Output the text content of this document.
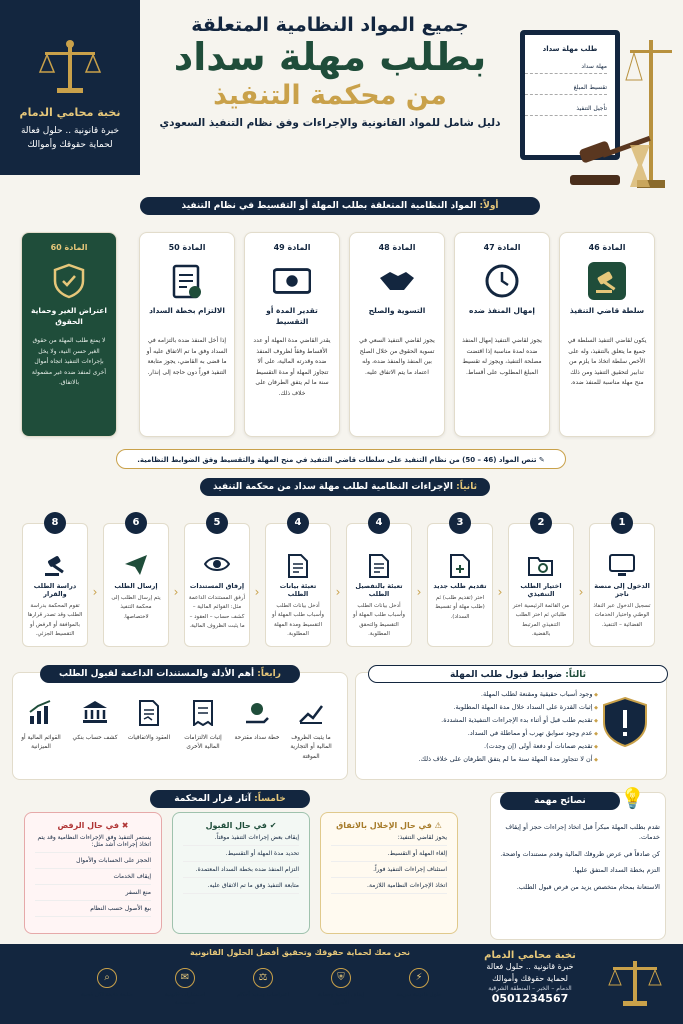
نخبة محامي الدمام
خبرة قانونية .. حلول فعالة
لحماية حقوقك وأموالك
جميع المواد النظامية المتعلقة
بطلب مهلة سداد
من محكمة التنفيذ
دليل شامل للمواد القانونية والإجراءات وفق نظام التنفيذ السعودي
طلب مهلة سداد
مهلة سداد
تقسيط المبلغ
تأجيل التنفيذ
أولاً: المواد النظامية المتعلقة بطلب المهلة أو التقسيط في نظام التنفيذ
المادة 46
سلطة قاضي التنفيذ
يكون لقاضي التنفيذ السلطة في جميع ما يتعلق بالتنفيذ، وله على الأخص سلطة اتخاذ ما يلزم من تدابير لتحقيق التنفيذ ومن ذلك منح مهلة مناسبة للمنفذ ضده.
المادة 47
إمهال المنفذ ضده
يجوز لقاضي التنفيذ إمهال المنفذ ضده لمدة مناسبة إذا اقتضت مصلحة التنفيذ، ويجوز له تقسيط المبلغ المطلوب على أقساط.
المادة 48
التسوية والصلح
يجوز لقاضي التنفيذ السعي في تسوية الحقوق من خلال الصلح بين المنفذ والمنفذ ضده، وله اعتماد ما يتم الاتفاق عليه.
المادة 49
تقدير المدة أو التقسيط
يقدر القاضي مدة المهلة أو عدد الأقساط وفقاً لظروف المنفذ ضده وقدرته المالية، على ألا تتجاوز المهلة أو مدة التقسيط سنة ما لم يتفق الطرفان على خلاف ذلك.
المادة 50
الالتزام بخطة السداد
إذا أخل المنفذ ضده بالتزامه في السداد وفق ما تم الاتفاق عليه أو ما قضى به القاضي، يجوز متابعة التنفيذ فوراً دون حاجة إلى إنذار.
المادة 60
اعتراض الغير وحماية الحقوق
لا يمنع طلب المهلة من حقوق الغير حسن النية، ولا يخل بإجراءات التنفيذ اتجاه أموال أخرى لمنفذ ضده غير مشمولة بالاتفاق.
✎ تنص المواد (46 – 50) من نظام التنفيذ على سلطات قاضي التنفيذ في منح المهلة والتقسيط وفق الضوابط النظامية.
ثانياً: الإجراءات النظامية لطلب مهلة سداد من محكمة التنفيذ
1
الدخول إلى منصة ناجز
تسجيل الدخول عبر النفاذ الوطني واختيار الخدمات القضائية – التنفيذ.
‹
2
اختيار الطلب التنفيذي
من القائمة الرئيسية اختر طلباتي ثم اختر الطلب التنفيذي المرتبط بالقضية.
‹
3
تقديم طلب جديد
اختر (تقديم طلب) ثم (طلب مهلة أو تقسيط السداد).
‹
4
تعبئة بالتفصيل الطلب
أدخل بيانات الطلب وأسباب طلب المهلة أو التقسيط والتحقق المطلوبة.
‹
4
تعبئة بيانات الطلب
أدخل بيانات الطلب وأسباب طلب المهلة أو التقسيط ومدة المهلة المطلوبة.
‹
5
إرفاق المستندات
أرفق المستندات الداعمة مثل: القوائم المالية – كشف حساب – العقود – ما يثبت الظروف المالية.
‹
6
إرسال الطلب
يتم إرسال الطلب إلى محكمة التنفيذ لاختصاصها.
‹
8
دراسة الطلب والقرار
تقوم المحكمة بدراسة الطلب وقد تصدر قرارها بالموافقة أو الرفض أو التقسيط الجزئي.
ثالثاً: ضوابط قبول طلب المهلة
◆ وجود أسباب حقيقية ومقنعة لطلب المهلة.
◆ إثبات القدرة على السداد خلال مدة المهلة المطلوبة.
◆ تقديم طلب قبل أو أثناء بدء الإجراءات التنفيذية المشددة.
◆ عدم وجود سوابق تهرب أو مماطلة في السداد.
◆ تقديم ضمانات أو دفعة أولى (إن وجدت).
◆ أن لا تتجاوز مدة المهلة سنة ما لم يتفق الطرفان على خلاف ذلك.
رابعاً: أهم الأدلة والمستندات الداعمة لقبول الطلب
ما يثبت الظروف المالية أو التجارية الموقتة
خطة سداد مقترحة
إثبات الالتزامات المالية الأخرى
العقود والاتفاقيات
كشف حساب بنكي
القوائم المالية أو الميزانية
خامساً: آثار قرار المحكمة
⚠ في حال الإخلال بالاتفاق
يحوز لقاضي التنفيذ:
إلغاء المهلة أو التقسيط.
استئناف إجراءات التنفيذ فوراً.
اتخاذ الإجراءات النظامية اللازمة.
✔ في حال القبول
إيقاف بعض إجراءات التنفيذ موقتاً.
تحديد مدة المهلة أو التقسيط.
التزام المنفذ ضده بخطة السداد المعتمدة.
متابعة التنفيذ وفق ما تم الاتفاق عليه.
✖ في حال الرفض
يستمر التنفيذ وفق الإجراءات النظامية وقد يتم اتخاذ إجراءات أشد مثل:
الحجز على الحسابات والأموال
إيقاف الخدمات
منع السفر
بيع الأصول حسب النظام
نصائح مهمة	💡
تقدم بطلب المهلة مبكراً قبل اتخاذ إجراءات حجز أو إيقاف خدمات.
كن صادقاً في عرض ظروفك المالية وقدم مستندات واضحة.
التزم بخطة السداد المتفق عليها.
الاستعانة بمحام متخصص يزيد من فرص قبول الطلب.
نحن معك لحماية حقوقك وتحقيق أفضل الحلول القانونية	نخبة محامي الدمام
خبرة قانونية .. حلول فعالة
لحماية حقوقك وأموالك
الدمام – الخبر – المنطقة الشرقية
0501234567
⚡
حلول قانونية سريعة
⛨
إيقاف التنفيذ وحماية الأصول
⚖
اعتراضات وتنفيذ أحكام
✉
استشارات قانونية متخصصة
⌕
متابعة دقيقة لكل قضية
